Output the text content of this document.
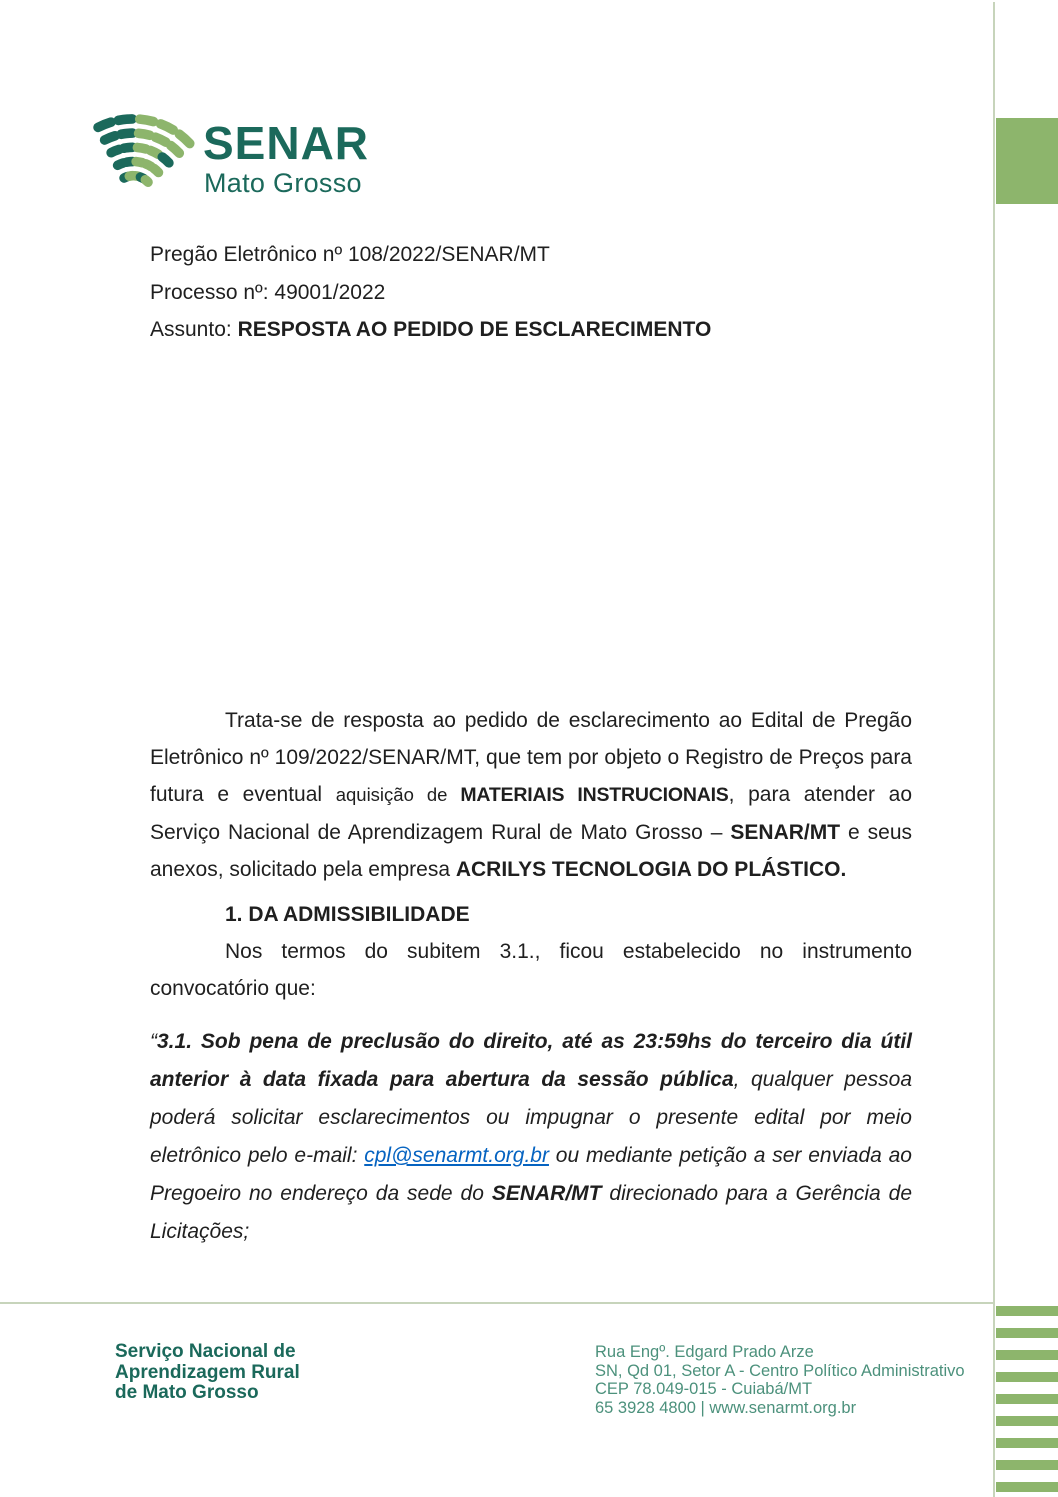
SENAR
Mato Grosso

Pregão Eletrônico nº 108/2022/SENAR/MT

Processo nº: 49001/2022

Assunto: RESPOSTA AO PEDIDO DE ESCLARECIMENTO

Trata-se de resposta ao pedido de esclarecimento ao Edital de Pregão Eletrônico nº 109/2022/SENAR/MT, que tem por objeto o Registro de Preços para futura e eventual aquisição de MATERIAIS INSTRUCIONAIS, para atender ao Serviço Nacional de Aprendizagem Rural de Mato Grosso – SENAR/MT e seus anexos, solicitado pela empresa ACRILYS TECNOLOGIA DO PLÁSTICO.

1. DA ADMISSIBILIDADE

Nos termos do subitem 3.1., ficou estabelecido no instrumento convocatório que:

“3.1. Sob pena de preclusão do direito, até as 23:59hs do terceiro dia útil anterior à data fixada para abertura da sessão pública, qualquer pessoa poderá solicitar esclarecimentos ou impugnar o presente edital por meio eletrônico pelo e-mail: cpl@senarmt.org.br ou mediante petição a ser enviada ao Pregoeiro no endereço da sede do SENAR/MT direcionado para a Gerência de Licitações;

Serviço Nacional de
Aprendizagem Rural
de Mato Grosso
Rua Engº. Edgard Prado Arze
SN, Qd 01, Setor A - Centro Político Administrativo
CEP 78.049-015 - Cuiabá/MT
65 3928 4800 | www.senarmt.org.br
